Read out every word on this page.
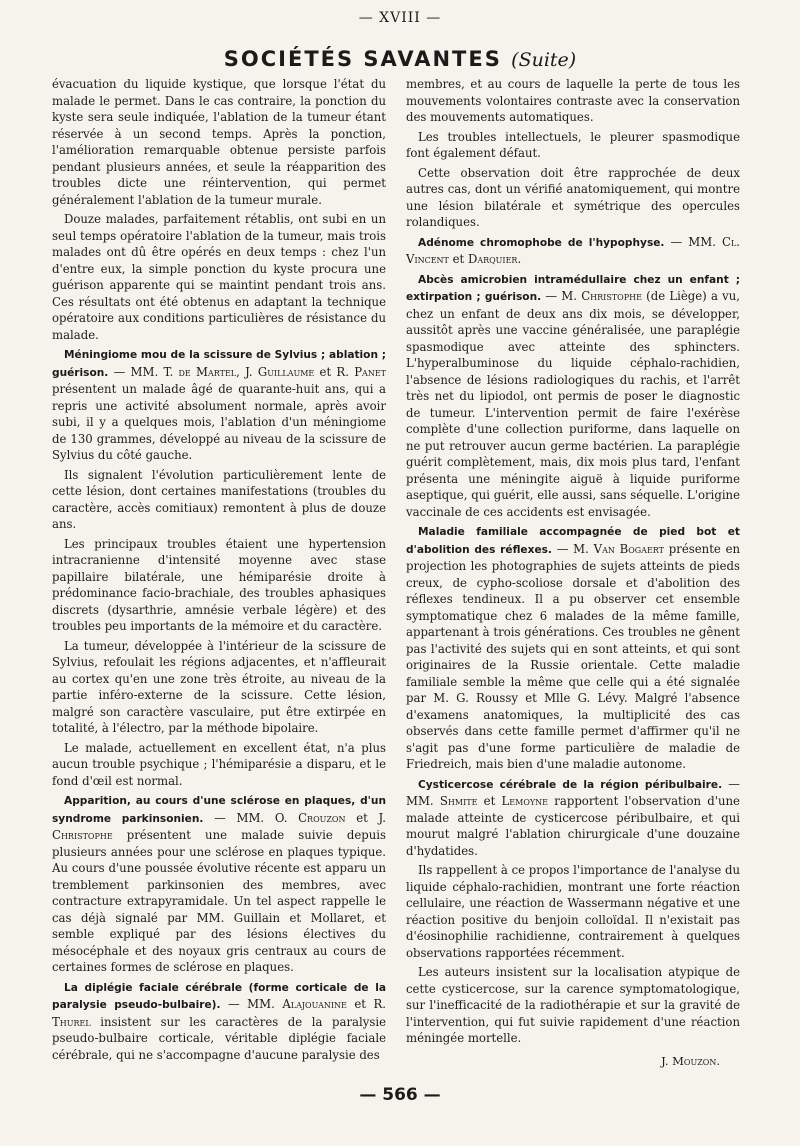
— XVIII —
SOCIÉTÉS SAVANTES (Suite)

évacuation du liquide kystique, que lorsque l'état du malade le permet. Dans le cas contraire, la ponction du kyste sera seule indiquée, l'ablation de la tumeur étant réservée à un second temps. Après la ponction, l'amélioration remarquable obtenue persiste parfois pendant plusieurs années, et seule la réapparition des troubles dicte une réintervention, qui permet généralement l'ablation de la tumeur murale.

Douze malades, parfaitement rétablis, ont subi en un seul temps opératoire l'ablation de la tumeur, mais trois malades ont dû être opérés en deux temps : chez l'un d'entre eux, la simple ponction du kyste procura une guérison apparente qui se maintint pendant trois ans. Ces résultats ont été obtenus en adaptant la technique opératoire aux conditions particulières de résistance du malade.

Méningiome mou de la scissure de Sylvius ; ablation ; guérison. — MM. T. de Martel, J. Guillaume et R. Panet présentent un malade âgé de quarante-huit ans, qui a repris une activité absolument normale, après avoir subi, il y a quelques mois, l'ablation d'un méningiome de 130 grammes, développé au niveau de la scissure de Sylvius du côté gauche.

Ils signalent l'évolution particulièrement lente de cette lésion, dont certaines manifestations (troubles du caractère, accès comitiaux) remontent à plus de douze ans.

Les principaux troubles étaient une hypertension intracranienne d'intensité moyenne avec stase papillaire bilatérale, une hémiparésie droite à prédominance facio-brachiale, des troubles aphasiques discrets (dysarthrie, amnésie verbale légère) et des troubles peu importants de la mémoire et du caractère.

La tumeur, développée à l'intérieur de la scissure de Sylvius, refoulait les régions adjacentes, et n'affleurait au cortex qu'en une zone très étroite, au niveau de la partie inféro-externe de la scissure. Cette lésion, malgré son caractère vasculaire, put être extirpée en totalité, à l'électro, par la méthode bipolaire.

Le malade, actuellement en excellent état, n'a plus aucun trouble psychique ; l'hémiparésie a disparu, et le fond d'œil est normal.

Apparition, au cours d'une sclérose en plaques, d'un syndrome parkinsonien. — MM. O. Crouzon et J. Christophe présentent une malade suivie depuis plusieurs années pour une sclérose en plaques typique. Au cours d'une poussée évolutive récente est apparu un tremblement parkinsonien des membres, avec contracture extrapyramidale. Un tel aspect rappelle le cas déjà signalé par MM. Guillain et Mollaret, et semble expliqué par des lésions électives du mésocéphale et des noyaux gris centraux au cours de certaines formes de sclérose en plaques.

La diplégie faciale cérébrale (forme corticale de la paralysie pseudo-bulbaire). — MM. Alajouanine et R. Thurel insistent sur les caractères de la paralysie pseudo-bulbaire corticale, véritable diplégie faciale cérébrale, qui ne s'accompagne d'aucune paralysie des

membres, et au cours de laquelle la perte de tous les mouvements volontaires contraste avec la conservation des mouvements automatiques.

Les troubles intellectuels, le pleurer spasmodique font également défaut.

Cette observation doit être rapprochée de deux autres cas, dont un vérifié anatomiquement, qui montre une lésion bilatérale et symétrique des opercules rolandiques.

Adénome chromophobe de l'hypophyse. — MM. Cl. Vincent et Darquier.

Abcès amicrobien intramédullaire chez un enfant ; extirpation ; guérison. — M. Christophe (de Liège) a vu, chez un enfant de deux ans dix mois, se développer, aussitôt après une vaccine généralisée, une paraplégie spasmodique avec atteinte des sphincters. L'hyperalbuminose du liquide céphalo-rachidien, l'absence de lésions radiologiques du rachis, et l'arrêt très net du lipiodol, ont permis de poser le diagnostic de tumeur. L'intervention permit de faire l'exérèse complète d'une collection puriforme, dans laquelle on ne put retrouver aucun germe bactérien. La paraplégie guérit complètement, mais, dix mois plus tard, l'enfant présenta une méningite aiguë à liquide puriforme aseptique, qui guérit, elle aussi, sans séquelle. L'origine vaccinale de ces accidents est envisagée.

Maladie familiale accompagnée de pied bot et d'abolition des réflexes. — M. Van Bogaert présente en projection les photographies de sujets atteints de pieds creux, de cypho-scoliose dorsale et d'abolition des réflexes tendineux. Il a pu observer cet ensemble symptomatique chez 6 malades de la même famille, appartenant à trois générations. Ces troubles ne gênent pas l'activité des sujets qui en sont atteints, et qui sont originaires de la Russie orientale. Cette maladie familiale semble la même que celle qui a été signalée par M. G. Roussy et Mlle G. Lévy. Malgré l'absence d'examens anatomiques, la multiplicité des cas observés dans cette famille permet d'affirmer qu'il ne s'agit pas d'une forme particulière de maladie de Friedreich, mais bien d'une maladie autonome.

Cysticercose cérébrale de la région péribulbaire. — MM. Shmite et Lemoyne rapportent l'observation d'une malade atteinte de cysticercose péribulbaire, et qui mourut malgré l'ablation chirurgicale d'une douzaine d'hydatides.

Ils rappellent à ce propos l'importance de l'analyse du liquide céphalo-rachidien, montrant une forte réaction cellulaire, une réaction de Wassermann négative et une réaction positive du benjoin colloïdal. Il n'existait pas d'éosinophilie rachidienne, contrairement à quelques observations rapportées récemment.

Les auteurs insistent sur la localisation atypique de cette cysticercose, sur la carence symptomatologique, sur l'inefficacité de la radiothérapie et sur la gravité de l'intervention, qui fut suivie rapidement d'une réaction méningée mortelle.

J. Mouzon.
— 566 —
